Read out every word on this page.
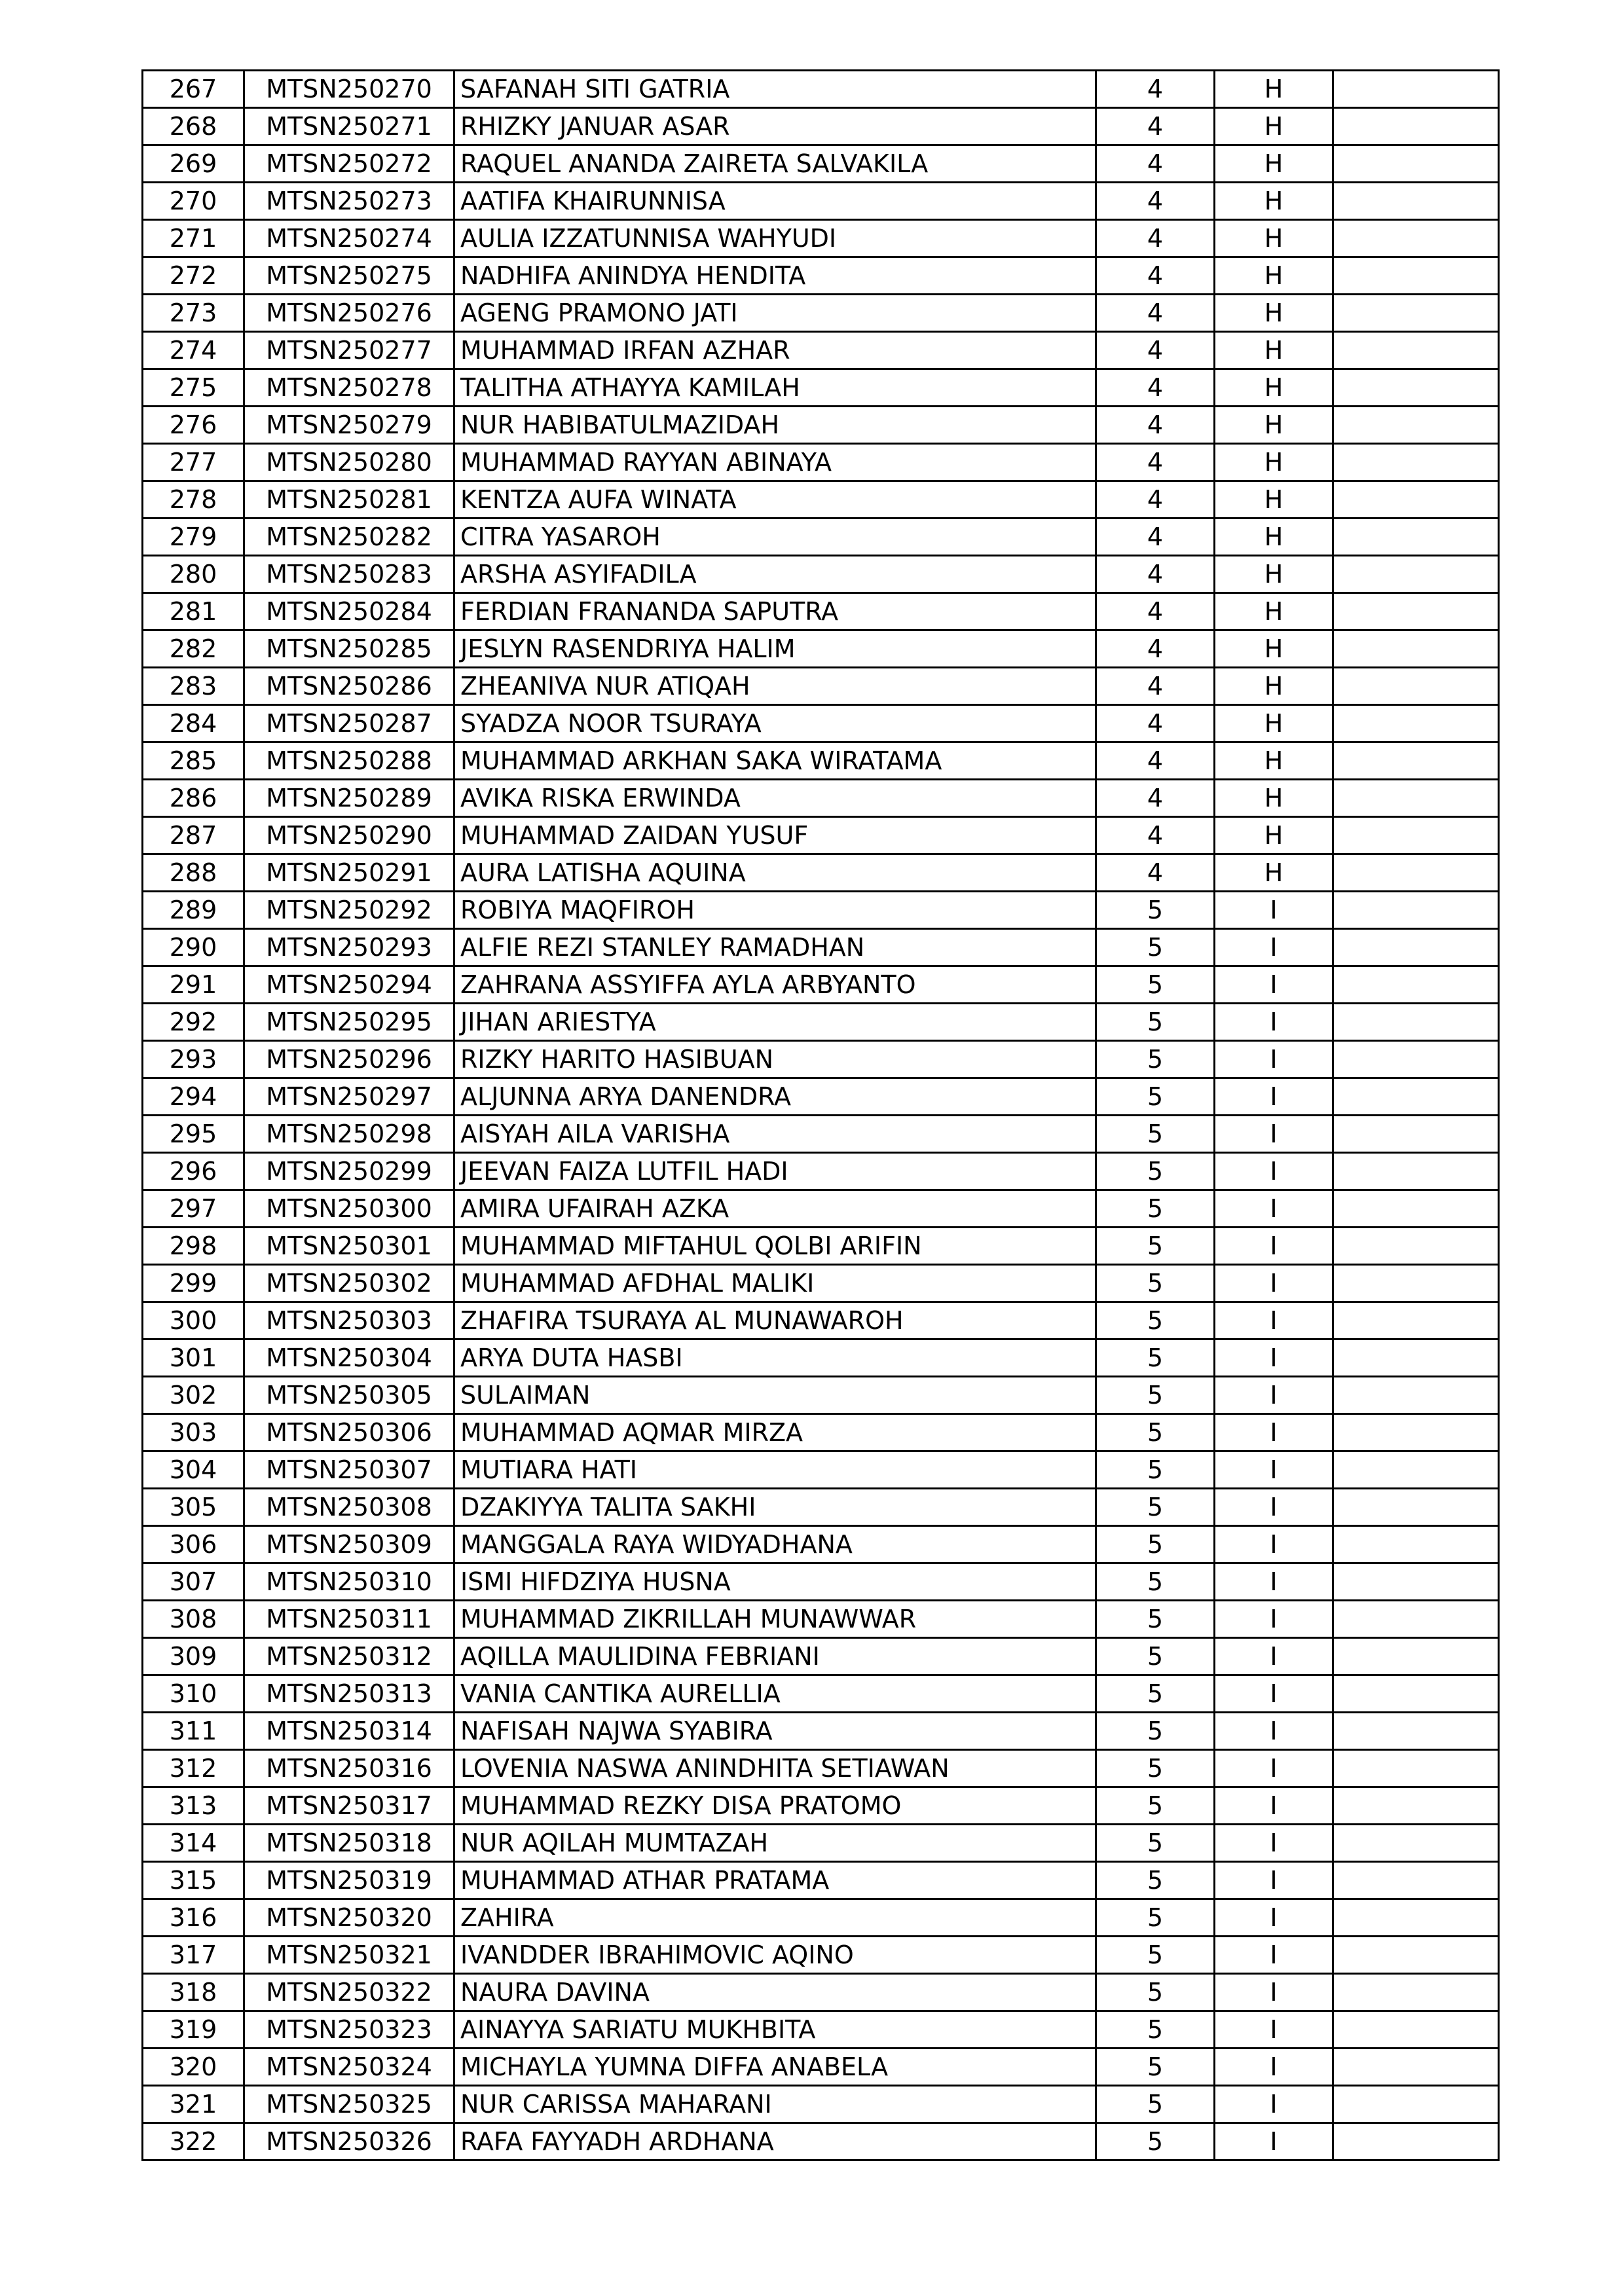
267	MTSN250270	SAFANAH SITI GATRIA	4	H	
268	MTSN250271	RHIZKY JANUAR ASAR	4	H	
269	MTSN250272	RAQUEL ANANDA ZAIRETA SALVAKILA	4	H	
270	MTSN250273	AATIFA KHAIRUNNISA	4	H	
271	MTSN250274	AULIA IZZATUNNISA WAHYUDI	4	H	
272	MTSN250275	NADHIFA ANINDYA HENDITA	4	H	
273	MTSN250276	AGENG PRAMONO JATI	4	H	
274	MTSN250277	MUHAMMAD IRFAN AZHAR	4	H	
275	MTSN250278	TALITHA ATHAYYA KAMILAH	4	H	
276	MTSN250279	NUR HABIBATULMAZIDAH	4	H	
277	MTSN250280	MUHAMMAD RAYYAN ABINAYA	4	H	
278	MTSN250281	KENTZA AUFA WINATA	4	H	
279	MTSN250282	CITRA YASAROH	4	H	
280	MTSN250283	ARSHA ASYIFADILA	4	H	
281	MTSN250284	FERDIAN FRANANDA SAPUTRA	4	H	
282	MTSN250285	JESLYN RASENDRIYA HALIM	4	H	
283	MTSN250286	ZHEANIVA NUR ATIQAH	4	H	
284	MTSN250287	SYADZA NOOR TSURAYA	4	H	
285	MTSN250288	MUHAMMAD ARKHAN SAKA WIRATAMA	4	H	
286	MTSN250289	AVIKA RISKA ERWINDA	4	H	
287	MTSN250290	MUHAMMAD ZAIDAN YUSUF	4	H	
288	MTSN250291	AURA LATISHA AQUINA	4	H	
289	MTSN250292	ROBIYA MAQFIROH	5	I	
290	MTSN250293	ALFIE REZI STANLEY RAMADHAN	5	I	
291	MTSN250294	ZAHRANA ASSYIFFA AYLA ARBYANTO	5	I	
292	MTSN250295	JIHAN ARIESTYA	5	I	
293	MTSN250296	RIZKY HARITO HASIBUAN	5	I	
294	MTSN250297	ALJUNNA ARYA DANENDRA	5	I	
295	MTSN250298	AISYAH AILA VARISHA	5	I	
296	MTSN250299	JEEVAN FAIZA LUTFIL HADI	5	I	
297	MTSN250300	AMIRA UFAIRAH AZKA	5	I	
298	MTSN250301	MUHAMMAD MIFTAHUL QOLBI ARIFIN	5	I	
299	MTSN250302	MUHAMMAD AFDHAL MALIKI	5	I	
300	MTSN250303	ZHAFIRA TSURAYA AL MUNAWAROH	5	I	
301	MTSN250304	ARYA DUTA HASBI	5	I	
302	MTSN250305	SULAIMAN	5	I	
303	MTSN250306	MUHAMMAD AQMAR MIRZA	5	I	
304	MTSN250307	MUTIARA HATI	5	I	
305	MTSN250308	DZAKIYYA TALITA SAKHI	5	I	
306	MTSN250309	MANGGALA RAYA WIDYADHANA	5	I	
307	MTSN250310	ISMI HIFDZIYA HUSNA	5	I	
308	MTSN250311	MUHAMMAD ZIKRILLAH MUNAWWAR	5	I	
309	MTSN250312	AQILLA MAULIDINA FEBRIANI	5	I	
310	MTSN250313	VANIA CANTIKA AURELLIA	5	I	
311	MTSN250314	NAFISAH NAJWA SYABIRA	5	I	
312	MTSN250316	LOVENIA NASWA ANINDHITA SETIAWAN	5	I	
313	MTSN250317	MUHAMMAD REZKY DISA PRATOMO	5	I	
314	MTSN250318	NUR AQILAH MUMTAZAH	5	I	
315	MTSN250319	MUHAMMAD ATHAR PRATAMA	5	I	
316	MTSN250320	ZAHIRA	5	I	
317	MTSN250321	IVANDDER IBRAHIMOVIC AQINO	5	I	
318	MTSN250322	NAURA DAVINA	5	I	
319	MTSN250323	AINAYYA SARIATU MUKHBITA	5	I	
320	MTSN250324	MICHAYLA YUMNA DIFFA ANABELA	5	I	
321	MTSN250325	NUR CARISSA MAHARANI	5	I	
322	MTSN250326	RAFA FAYYADH ARDHANA	5	I	
